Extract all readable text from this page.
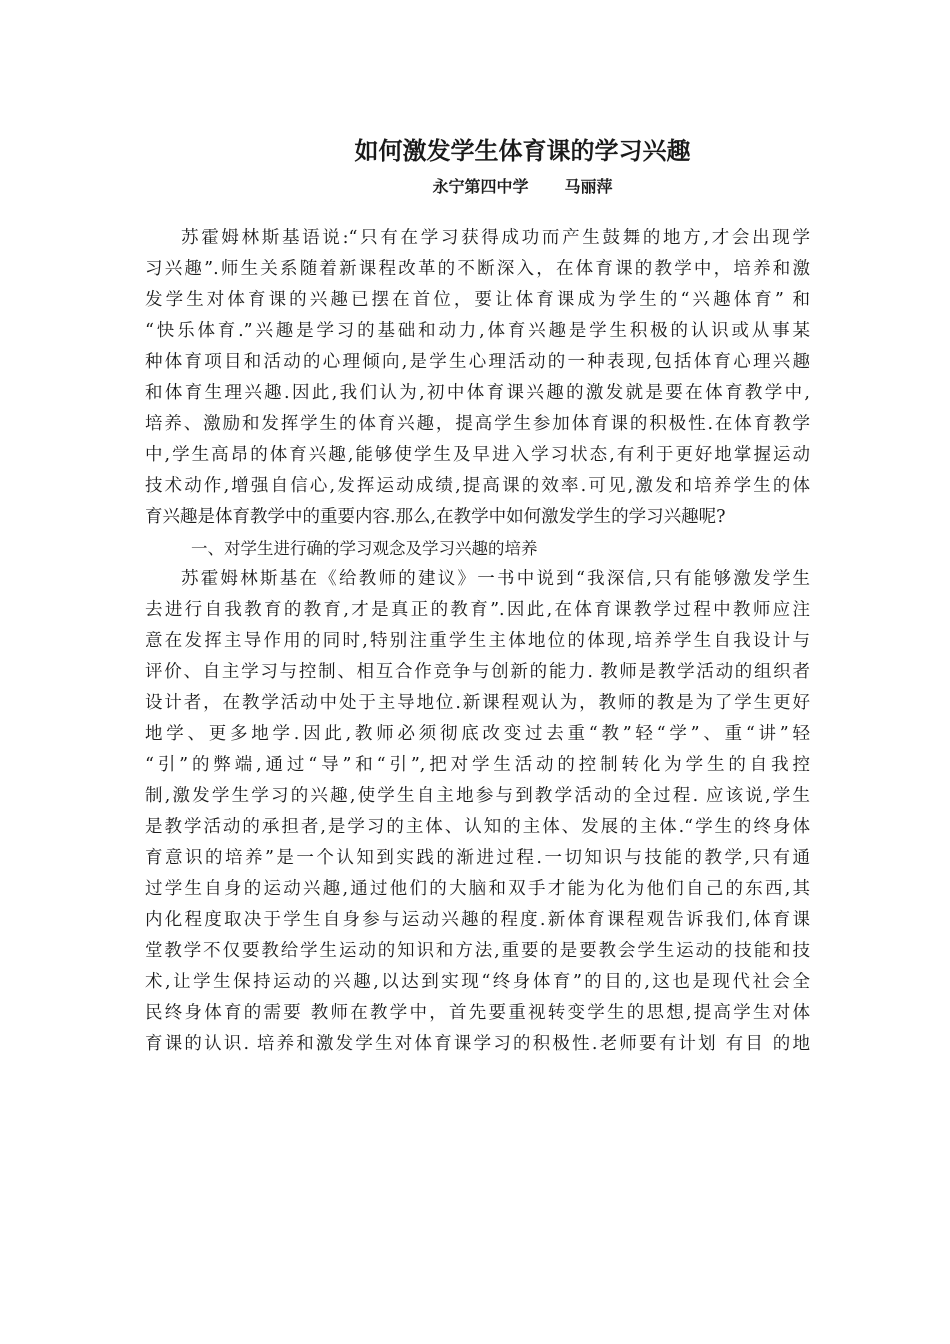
如何激发学生体育课的学习兴趣
永宁第四中学 马丽萍
苏霍姆林斯基语说:“只有在学习获得成功而产生鼓舞的地方,才会出现学
习兴趣”.师生关系随着新课程改革的不断深入，在体育课的教学中，培养和激
发学生对体育课的兴趣已摆在首位，要让体育课成为学生的“兴趣体育” 和
“快乐体育.”兴趣是学习的基础和动力,体育兴趣是学生积极的认识或从事某
种体育项目和活动的心理倾向,是学生心理活动的一种表现,包括体育心理兴趣
和体育生理兴趣.因此,我们认为,初中体育课兴趣的激发就是要在体育教学中,
培养、激励和发挥学生的体育兴趣，提高学生参加体育课的积极性.在体育教学
中,学生高昂的体育兴趣,能够使学生及早进入学习状态,有利于更好地掌握运动
技术动作,增强自信心,发挥运动成绩,提高课的效率.可见,激发和培养学生的体
育兴趣是体育教学中的重要内容.那么,在教学中如何激发学生的学习兴趣呢?
一、对学生进行确的学习观念及学习兴趣的培养
苏霍姆林斯基在《给教师的建议》一书中说到“我深信,只有能够激发学生
去进行自我教育的教育,才是真正的教育”.因此,在体育课教学过程中教师应注
意在发挥主导作用的同时,特别注重学生主体地位的体现,培养学生自我设计与
评价、自主学习与控制、相互合作竞争与创新的能力. 教师是教学活动的组织者
设计者，在教学活动中处于主导地位.新课程观认为，教师的教是为了学生更好
地学、更多地学.因此,教师必须彻底改变过去重“教”轻“学”、重“讲”轻
“引”的弊端,通过“导”和“引”,把对学生活动的控制转化为学生的自我控
制,激发学生学习的兴趣,使学生自主地参与到教学活动的全过程. 应该说,学生
是教学活动的承担者,是学习的主体、认知的主体、发展的主体.“学生的终身体
育意识的培养”是一个认知到实践的渐进过程.一切知识与技能的教学,只有通
过学生自身的运动兴趣,通过他们的大脑和双手才能为化为他们自己的东西,其
内化程度取决于学生自身参与运动兴趣的程度.新体育课程观告诉我们,体育课
堂教学不仅要教给学生运动的知识和方法,重要的是要教会学生运动的技能和技
术,让学生保持运动的兴趣,以达到实现“终身体育”的目的,这也是现代社会全
民终身体育的需要 教师在教学中，首先要重视转变学生的思想,提高学生对体
育课的认识. 培养和激发学生对体育课学习的积极性.老师要有计划 有目 的地
